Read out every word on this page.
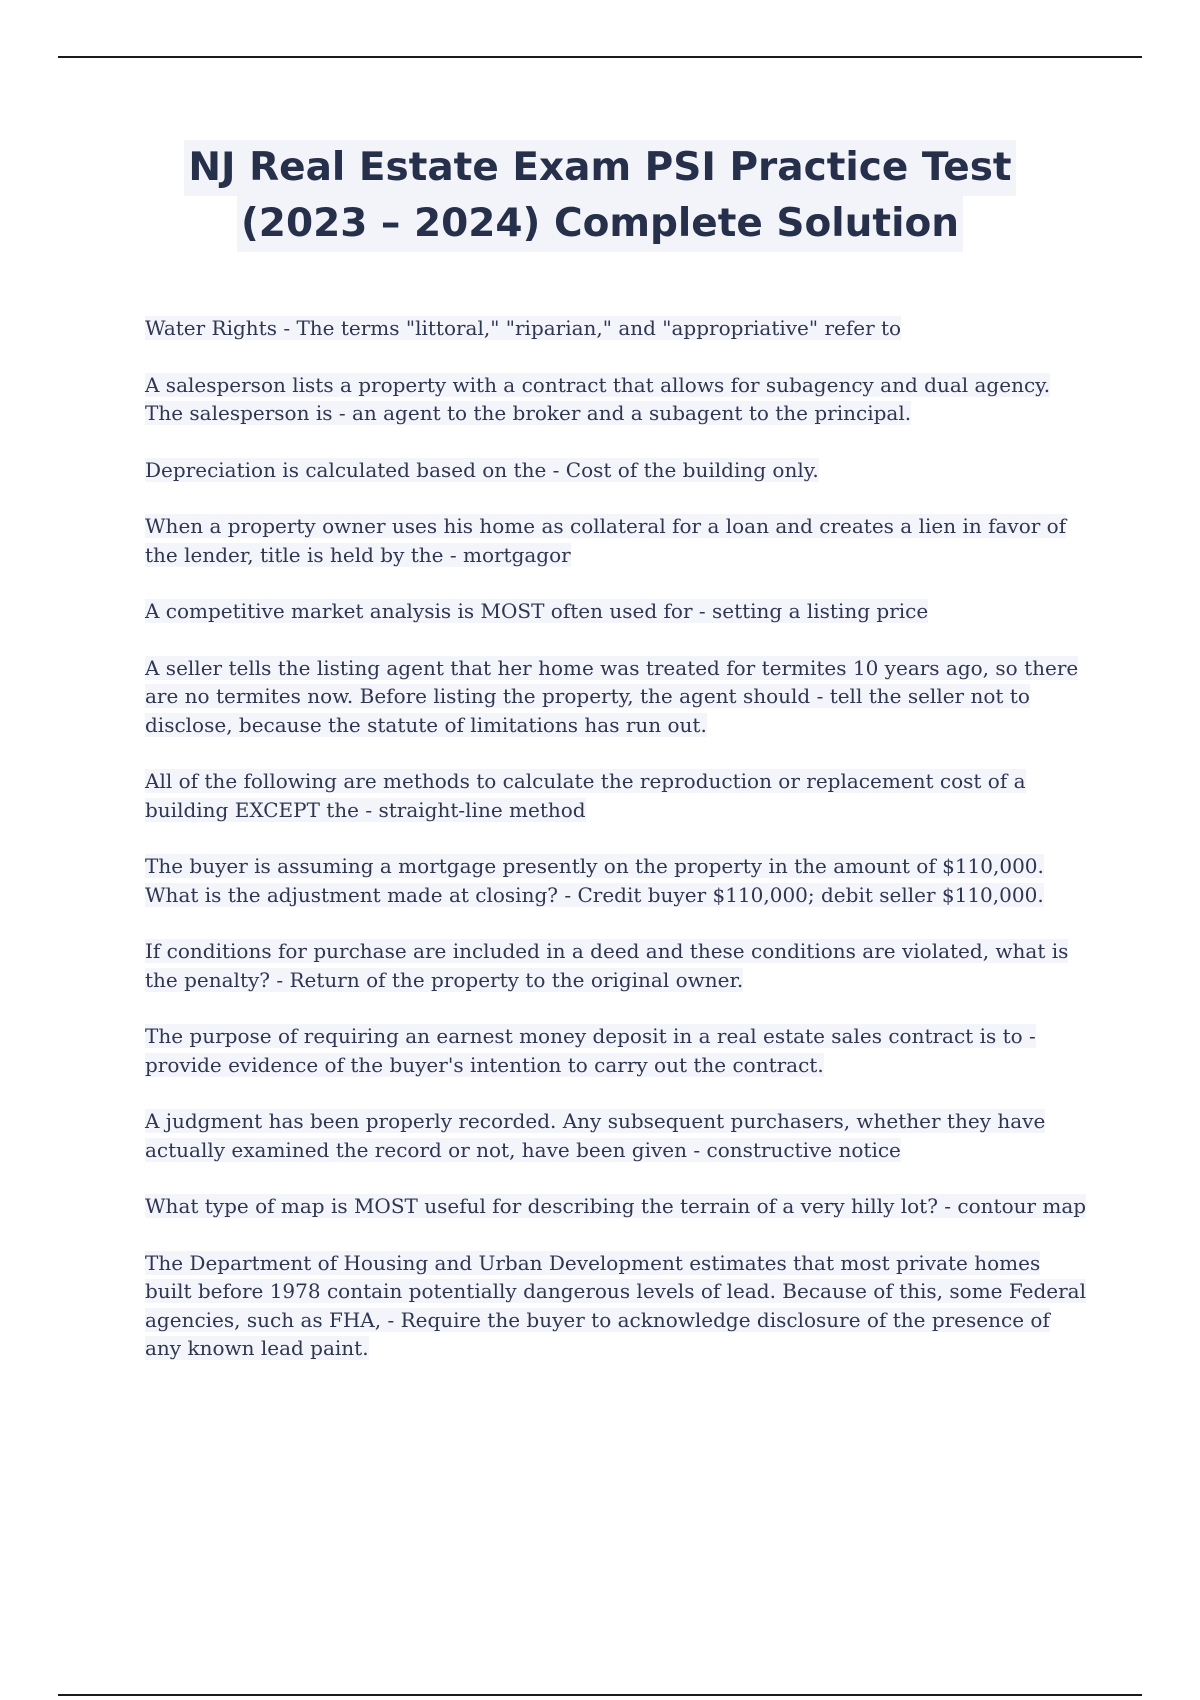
NJ Real Estate Exam PSI Practice Test
(2023 – 2024) Complete Solution

Water Rights - The terms "littoral," "riparian," and "appropriative" refer to

A salesperson lists a property with a contract that allows for subagency and dual agency. The salesperson is - an agent to the broker and a subagent to the principal.

Depreciation is calculated based on the - Cost of the building only.

When a property owner uses his home as collateral for a loan and creates a lien in favor of the lender, title is held by the - mortgagor

A competitive market analysis is MOST often used for - setting a listing price

A seller tells the listing agent that her home was treated for termites 10 years ago, so there are no termites now. Before listing the property, the agent should - tell the seller not to disclose, because the statute of limitations has run out.

All of the following are methods to calculate the reproduction or replacement cost of a building EXCEPT the - straight-line method

The buyer is assuming a mortgage presently on the property in the amount of $110,000. What is the adjustment made at closing? - Credit buyer $110,000; debit seller $110,000.

If conditions for purchase are included in a deed and these conditions are violated, what is the penalty? - Return of the property to the original owner.

The purpose of requiring an earnest money deposit in a real estate sales contract is to - provide evidence of the buyer's intention to carry out the contract.

A judgment has been properly recorded. Any subsequent purchasers, whether they have actually examined the record or not, have been given - constructive notice

What type of map is MOST useful for describing the terrain of a very hilly lot? - contour map

The Department of Housing and Urban Development estimates that most private homes built before 1978 contain potentially dangerous levels of lead. Because of this, some Federal agencies, such as FHA, - Require the buyer to acknowledge disclosure of the presence of any known lead paint.
